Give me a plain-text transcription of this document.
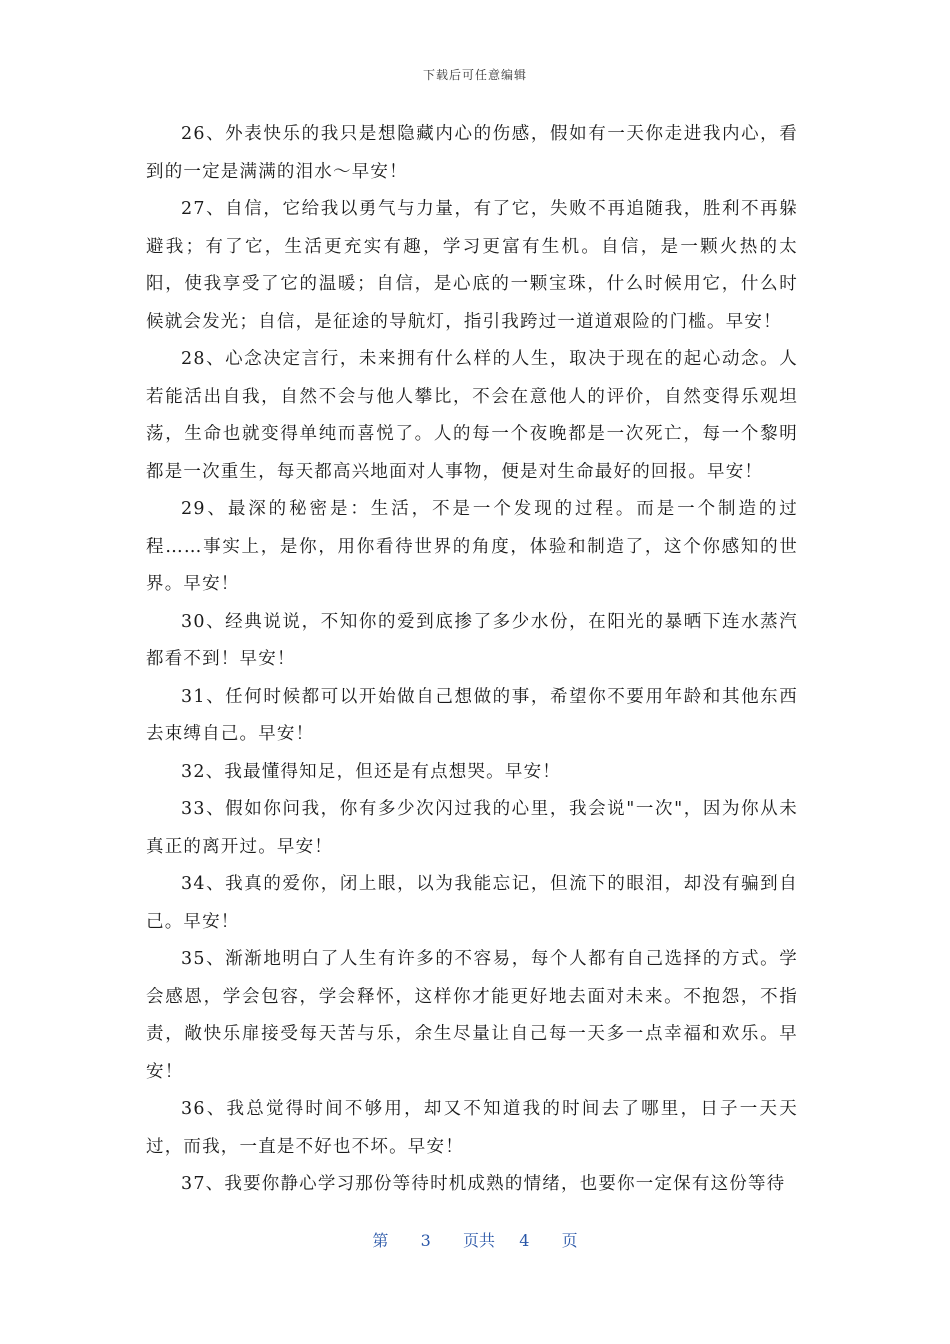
下载后可任意编辑

26、外表快乐的我只是想隐藏内心的伤感，假如有一天你走进我内心，看到的一定是满满的泪水～早安！

27、自信，它给我以勇气与力量，有了它，失败不再追随我，胜利不再躲避我；有了它，生活更充实有趣，学习更富有生机。自信，是一颗火热的太阳，使我享受了它的温暖；自信，是心底的一颗宝珠，什么时候用它，什么时候就会发光；自信，是征途的导航灯，指引我跨过一道道艰险的门槛。早安！

28、心念决定言行，未来拥有什么样的人生，取决于现在的起心动念。人若能活出自我，自然不会与他人攀比，不会在意他人的评价，自然变得乐观坦荡，生命也就变得单纯而喜悦了。人的每一个夜晚都是一次死亡，每一个黎明都是一次重生，每天都高兴地面对人事物，便是对生命最好的回报。早安！

29、最深的秘密是：生活，不是一个发现的过程。而是一个制造的过程……事实上，是你，用你看待世界的角度，体验和制造了，这个你感知的世界。早安！

30、经典说说，不知你的爱到底掺了多少水份，在阳光的暴晒下连水蒸汽都看不到！早安！

31、任何时候都可以开始做自己想做的事，希望你不要用年龄和其他东西去束缚自己。早安！

32、我最懂得知足，但还是有点想哭。早安！

33、假如你问我，你有多少次闪过我的心里，我会说"一次"，因为你从未真正的离开过。早安！

34、我真的爱你，闭上眼，以为我能忘记，但流下的眼泪，却没有骗到自己。早安！

35、渐渐地明白了人生有许多的不容易，每个人都有自己选择的方式。学会感恩，学会包容，学会释怀，这样你才能更好地去面对未来。不抱怨，不指责，敞快乐扉接受每天苦与乐，余生尽量让自己每一天多一点幸福和欢乐。早安！

36、我总觉得时间不够用，却又不知道我的时间去了哪里，日子一天天过，而我，一直是不好也不坏。早安！

37、我要你静心学习那份等待时机成熟的情绪，也要你一定保有这份等待

第 3 页共 4 页
